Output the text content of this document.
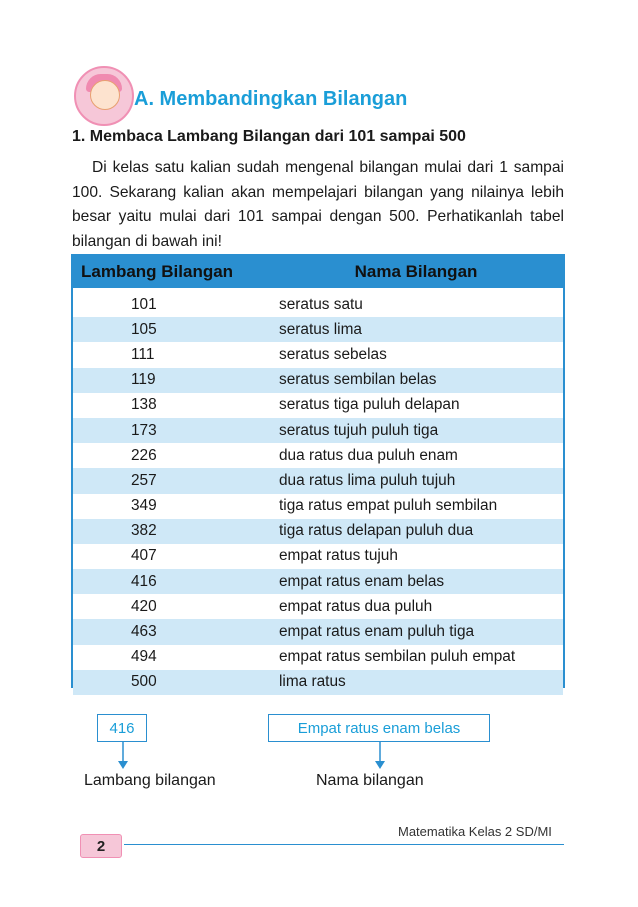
A. Membandingkan Bilangan
1. Membaca Lambang Bilangan dari 101 sampai 500
Di kelas satu kalian sudah mengenal bilangan mulai dari 1 sampai 100. Sekarang kalian akan mempelajari bilangan yang nilainya lebih besar yaitu mulai dari 101 sampai dengan 500. Perhatikanlah tabel bilangan di bawah ini!
Lambang Bilangan	Nama Bilangan
101	seratus satu
105	seratus lima
111	seratus sebelas
119	seratus sembilan belas
138	seratus tiga puluh delapan
173	seratus tujuh puluh tiga
226	dua ratus dua puluh enam
257	dua ratus lima puluh tujuh
349	tiga ratus empat puluh sembilan
382	tiga ratus delapan puluh dua
407	empat ratus tujuh
416	empat ratus enam belas
420	empat ratus dua puluh
463	empat ratus enam puluh tiga
494	empat ratus sembilan puluh empat
500	lima ratus
416	Empat ratus enam belas
Lambang bilangan	Nama bilangan
Matematika Kelas 2 SD/MI
2
